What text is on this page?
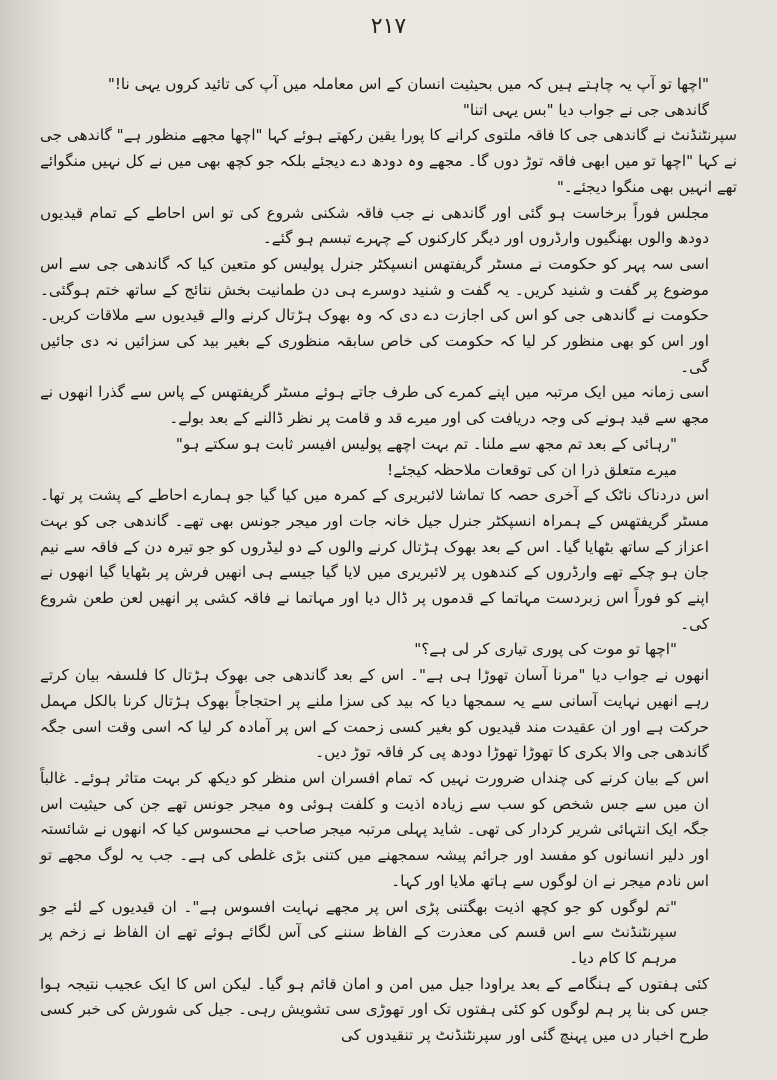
۲۱۷

"اچھا تو آپ یہ چاہتے ہیں کہ میں بحیثیت انسان کے اس معاملہ میں آپ کی تائید کروں یہی نا!"

گاندھی جی نے جواب دیا "بس یہی اتنا"

سپرنٹنڈنٹ نے گاندھی جی کا فاقہ ملتوی کرانے کا پورا یقین رکھتے ہوئے کہا "اچھا مجھے منظور ہے" گاندھی جی نے کہا "اچھا تو میں ابھی فاقہ توڑ دوں گا۔ مجھے وہ دودھ دے دیجئے بلکہ جو کچھ بھی میں نے کل نہیں منگوائے تھے انہیں بھی منگوا دیجئے۔"

مجلس فوراً برخاست ہو گئی اور گاندھی نے جب فاقہ شکنی شروع کی تو اس احاطے کے تمام قیدیوں دودھ والوں بھنگیوں وارڈروں اور دیگر کارکنوں کے چہرے تبسم ہو گئے۔

اسی سہ پہر کو حکومت نے مسٹر گریفتھس انسپکٹر جنرل پولیس کو متعین کیا کہ گاندھی جی سے اس موضوع پر گفت و شنید کریں۔ یہ گفت و شنید دوسرے ہی دن طمانیت بخش نتائج کے ساتھ ختم ہوگئی۔ حکومت نے گاندھی جی کو اس کی اجازت دے دی کہ وہ بھوک ہڑتال کرنے والے قیدیوں سے ملاقات کریں۔ اور اس کو بھی منظور کر لیا کہ حکومت کی خاص سابقہ منظوری کے بغیر بید کی سزائیں نہ دی جائیں گی۔

اسی زمانہ میں ایک مرتبہ میں اپنے کمرے کی طرف جاتے ہوئے مسٹر گریفتھس کے پاس سے گذرا انھوں نے مجھ سے قید ہونے کی وجہ دریافت کی اور میرے قد و قامت پر نظر ڈالنے کے بعد بولے۔

"رہائی کے بعد تم مجھ سے ملنا۔ تم بہت اچھے پولیس افیسر ثابت ہو سکتے ہو"

میرے متعلق ذرا ان کی توقعات ملاحظہ کیجئے!

اس دردناک ناٹک کے آخری حصہ کا تماشا لائبریری کے کمرہ میں کیا گیا جو ہمارے احاطے کے پشت پر تھا۔ مسٹر گریفتھس کے ہمراہ انسپکٹر جنرل جیل خانہ جات اور میجر جونس بھی تھے۔ گاندھی جی کو بہت اعزاز کے ساتھ بٹھایا گیا۔ اس کے بعد بھوک ہڑتال کرنے والوں کے دو لیڈروں کو جو تیرہ دن کے فاقہ سے نیم جان ہو چکے تھے وارڈروں کے کندھوں پر لائبریری میں لایا گیا جیسے ہی انھیں فرش پر بٹھایا گیا انھوں نے اپنے کو فوراً اس زبردست مہاتما کے قدموں پر ڈال دیا اور مہاتما نے فاقہ کشی پر انھیں لعن طعن شروع کی۔

"اچھا تو موت کی پوری تیاری کر لی ہے؟"

انھوں نے جواب دیا "مرنا آسان تھوڑا ہی ہے"۔ اس کے بعد گاندھی جی بھوک ہڑتال کا فلسفہ بیان کرتے رہے انھیں نہایت آسانی سے یہ سمجھا دیا کہ بید کی سزا ملنے پر احتجاجاً بھوک ہڑتال کرنا بالکل مہمل حرکت ہے اور ان عقیدت مند قیدیوں کو بغیر کسی زحمت کے اس پر آمادہ کر لیا کہ اسی وقت اسی جگہ گاندھی جی والا بکری کا تھوڑا تھوڑا دودھ پی کر فاقہ توڑ دیں۔

اس کے بیان کرنے کی چنداں ضرورت نہیں کہ تمام افسران اس منظر کو دیکھ کر بہت متاثر ہوئے۔ غالباً ان میں سے جس شخص کو سب سے زیادہ اذیت و کلفت ہوئی وہ میجر جونس تھے جن کی حیثیت اس جگہ ایک انتہائی شریر کردار کی تھی۔ شاید پہلی مرتبہ میجر صاحب نے محسوس کیا کہ انھوں نے شائستہ اور دلیر انسانوں کو مفسد اور جرائم پیشہ سمجھنے میں کتنی بڑی غلطی کی ہے۔ جب یہ لوگ مجھے تو اس نادم میجر نے ان لوگوں سے ہاتھ ملایا اور کہا۔

"تم لوگوں کو جو کچھ اذیت بھگتنی پڑی اس پر مجھے نہایت افسوس ہے"۔ ان قیدیوں کے لئے جو سپرنٹنڈنٹ سے اس قسم کی معذرت کے الفاظ سننے کی آس لگائے ہوئے تھے ان الفاظ نے زخم پر مرہم کا کام دیا۔

کئی ہفتوں کے ہنگامے کے بعد یراودا جیل میں امن و امان قائم ہو گیا۔ لیکن اس کا ایک عجیب نتیجہ ہوا جس کی بنا پر ہم لوگوں کو کئی ہفتوں تک اور تھوڑی سی تشویش رہی۔ جیل کی شورش کی خبر کسی طرح اخبار دں میں پہنچ گئی اور سپرنٹنڈنٹ پر تنقیدوں کی
